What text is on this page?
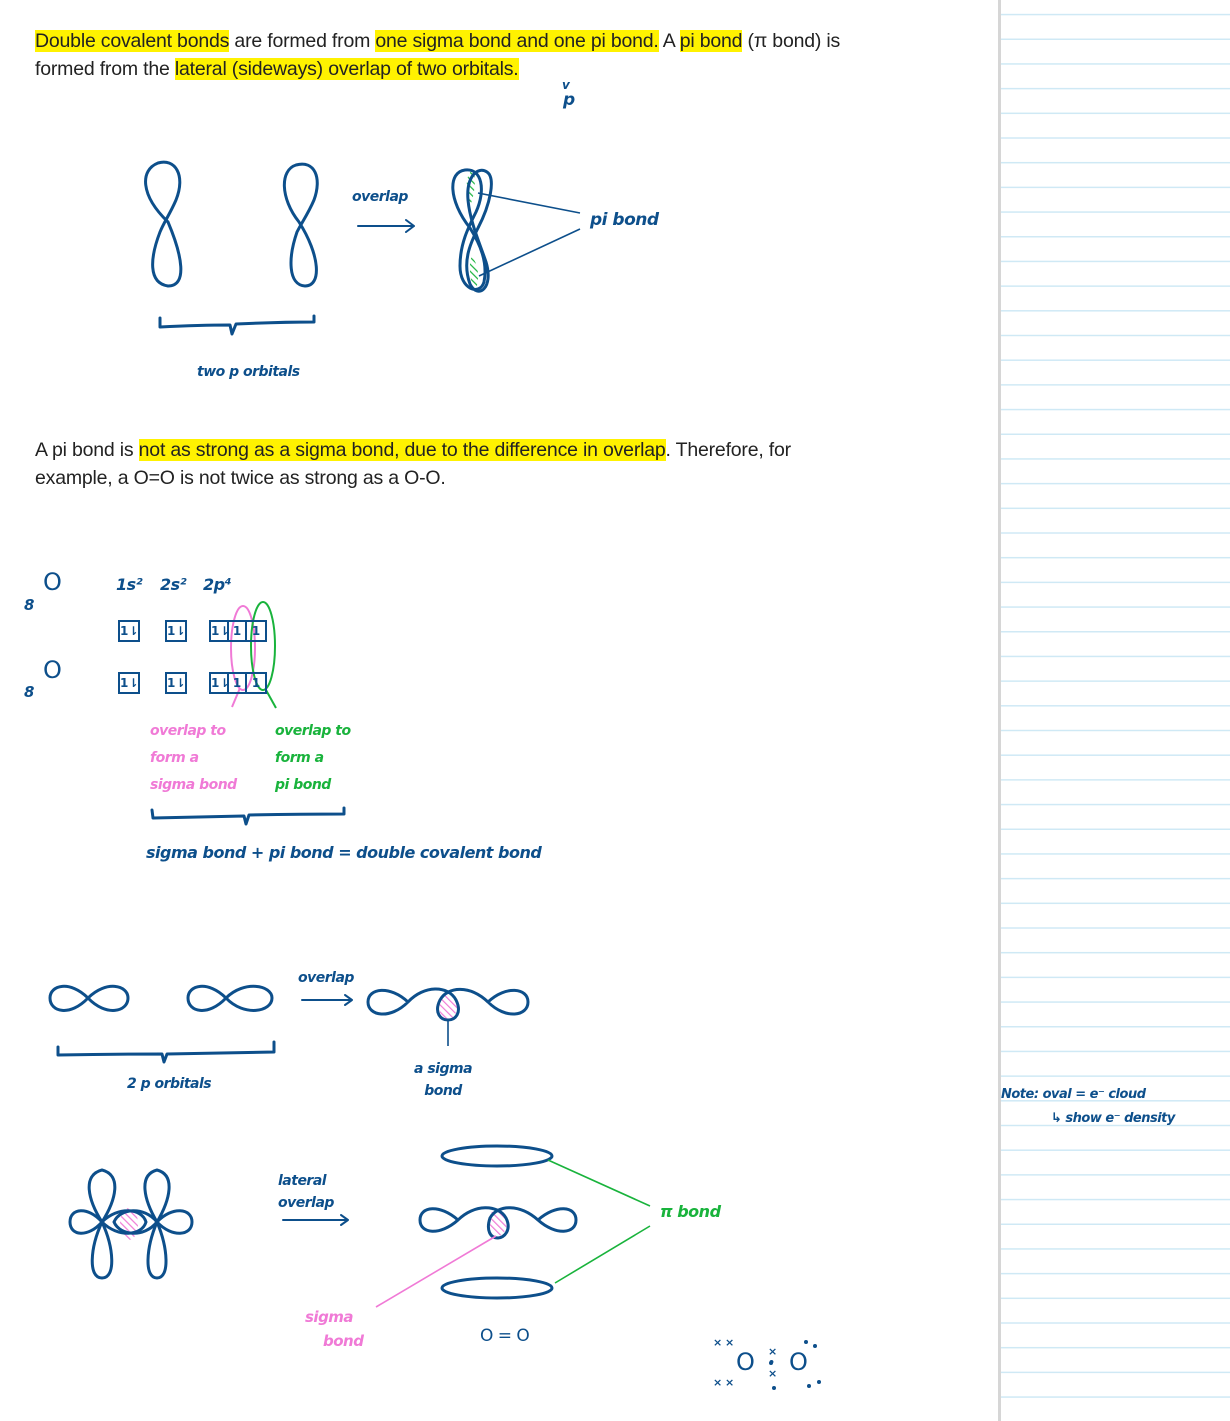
Double covalent bonds are formed from one sigma bond and one pi bond. A pi bond (π bond) is formed from the lateral (sideways) overlap of two orbitals.
v
p
overlap
pi bond
two p orbitals
A pi bond is not as strong as a sigma bond, due to the difference in overlap. Therefore, for example, a O=O is not twice as strong as a O-O.
8
O
8
O
1s² 2s² 2p⁴
1⇂ 1⇂ 1⇂ 1 1
1⇂ 1⇂ 1⇂ 1 1
overlap to
form a
sigma bond
overlap to
form a
pi bond
sigma bond + pi bond = double covalent bond
overlap
2 p orbitals
a sigma
bond
lateral
overlap	π bond
sigma
bond	O = O	× ×
× ×
O ×
•
× O
Note: oval = e⁻ cloud
↳ show e⁻ density
